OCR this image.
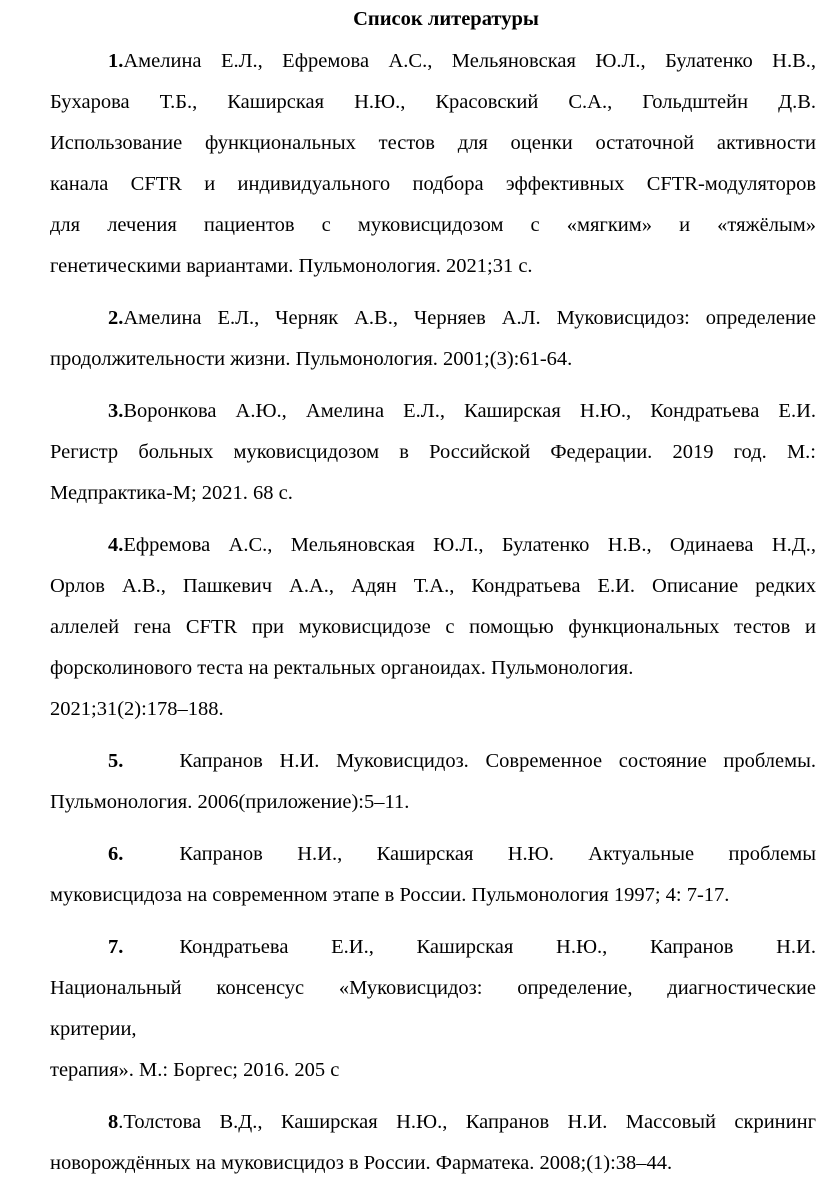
Список литературы
1.Амелина Е.Л., Ефремова А.С., Мельяновская Ю.Л., Булатенко Н.В.,
Бухарова Т.Б., Каширская Н.Ю., Красовский С.А., Гольдштейн Д.В.
Использование функциональных тестов для оценки остаточной активности
канала CFTR и индивидуального подбора эффективных CFTR-модуляторов
для лечения пациентов с муковисцидозом с «мягким» и «тяжёлым»
генетическими вариантами. Пульмонология. 2021;31 с.
2.Амелина Е.Л., Черняк А.В., Черняев А.Л. Муковисцидоз: определение
продолжительности жизни. Пульмонология. 2001;(3):61-64.
3.Воронкова А.Ю., Амелина Е.Л., Каширская Н.Ю., Кондратьева Е.И.
Регистр больных муковисцидозом в Российской Федерации. 2019 год. М.:
Медпрактика-М; 2021. 68 с.
4.Ефремова А.С., Мельяновская Ю.Л., Булатенко Н.В., Одинаева Н.Д.,
Орлов А.В., Пашкевич А.А., Адян Т.А., Кондратьева Е.И. Описание редких
аллелей гена CFTR при муковисцидозе с помощью функциональных тестов и
форсколинового теста на ректальных органоидах. Пульмонология.
2021;31(2):178–188.
5.	Капранов Н.И. Муковисцидоз. Современное состояние проблемы.
Пульмонология. 2006(приложение):5–11.
6.	Капранов Н.И., Каширская Н.Ю. Актуальные проблемы
муковисцидоза на современном этапе в России. Пульмонология 1997; 4: 7-17.
7.	Кондратьева Е.И., Каширская Н.Ю., Капранов Н.И.
Национальный консенсус «Муковисцидоз: определение, диагностические
критерии,
терапия». М.: Боргес; 2016. 205 с
8.Толстова В.Д., Каширская Н.Ю., Капранов Н.И. Массовый скрининг
новорождённых на муковисцидоз в России. Фарматека. 2008;(1):38–44.
